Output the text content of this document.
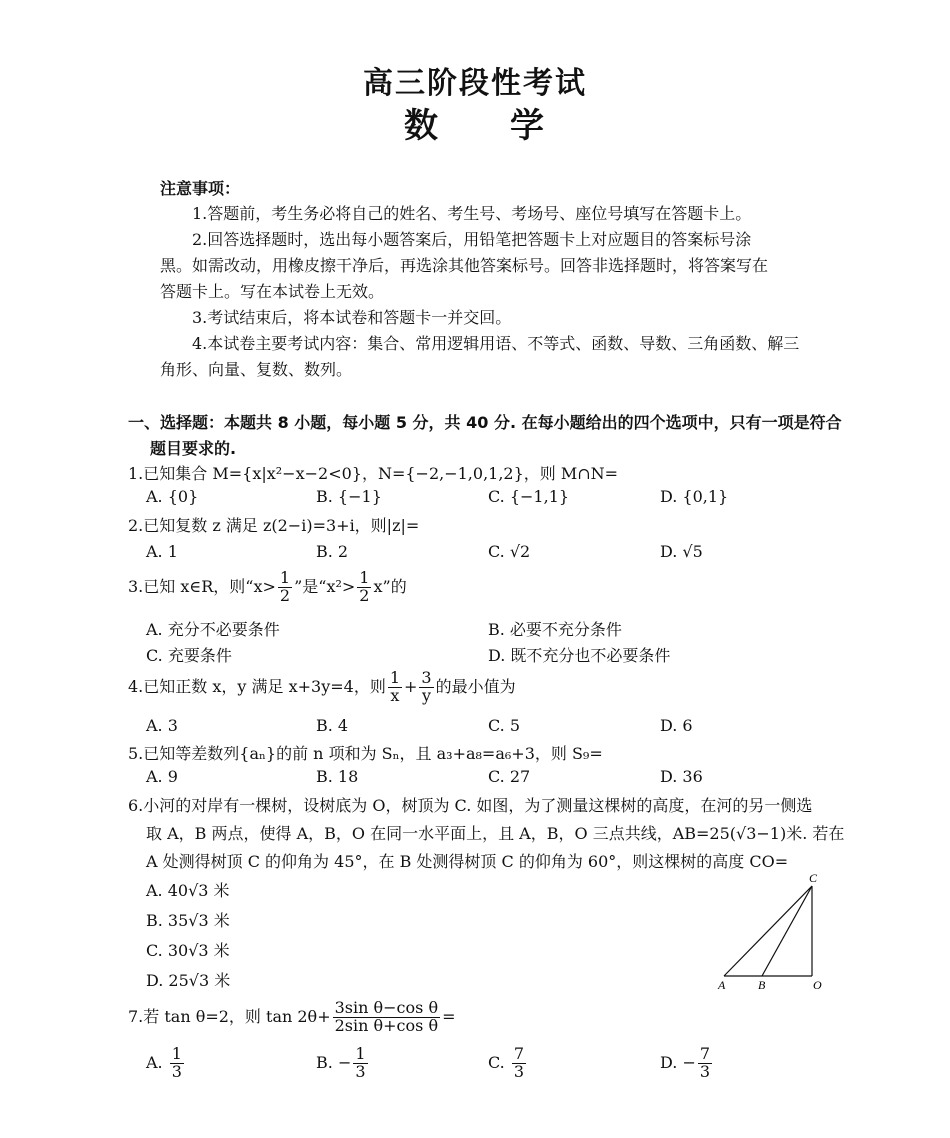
高三阶段性考试
数 学
注意事项：
1.答题前，考生务必将自己的姓名、考生号、考场号、座位号填写在答题卡上。
2.回答选择题时，选出每小题答案后，用铅笔把答题卡上对应题目的答案标号涂
黑。如需改动，用橡皮擦干净后，再选涂其他答案标号。回答非选择题时，将答案写在
答题卡上。写在本试卷上无效。
3.考试结束后，将本试卷和答题卡一并交回。
4.本试卷主要考试内容：集合、常用逻辑用语、不等式、函数、导数、三角函数、解三
角形、向量、复数、数列。
一、选择题：本题共 8 小题，每小题 5 分，共 40 分. 在每小题给出的四个选项中，只有一项是符合
题目要求的.
1.已知集合 M={x|x²−x−2<0}，N={−2,−1,0,1,2}，则 M∩N=
A. {0}	B. {−1}	C. {−1,1}	D. {0,1}
2.已知复数 z 满足 z(2−i)=3+i，则|z|=
A. 1	B. 2	C. √2	D. √5
3.已知 x∈R，则“$x> \frac{1}{2}$ ”是“$x^2> \frac{1}{2} x$”的
A. 充分不必要条件	B. 必要不充分条件
C. 充要条件	D. 既不充分也不必要条件
4.已知正数 x，y 满足 x+3y=4，则 $\frac{1}{x} + \frac{3}{y}$ 的最小值为
A. 3	B. 4	C. 5	D. 6
5.已知等差数列{aₙ}的前 n 项和为 Sₙ，且 a₃+a₈=a₆+3，则 S₉=
A. 9	B. 18	C. 27	D. 36
6.小河的对岸有一棵树，设树底为 O，树顶为 C. 如图，为了测量这棵树的高度，在河的另一侧选
取 A，B 两点，使得 A，B，O 在同一水平面上，且 A，B，O 三点共线，AB=25(√3−1)米. 若在
A 处测得树顶 C 的仰角为 45°，在 B 处测得树顶 C 的仰角为 60°，则这棵树的高度 CO=
A. 40√3 米
B. 35√3 米
C. 30√3 米
D. 25√3 米
C
A	B	O
7.若 tan θ=2，则 $\tan 2\theta+ \frac{\text{3sin θ−cos θ}}{\text{2sin θ+cos θ}}$ =
A. $\frac{1}{3}$	B. − $\frac{1}{3}$	C. $\frac{7}{3}$	D. − $\frac{7}{3}$
